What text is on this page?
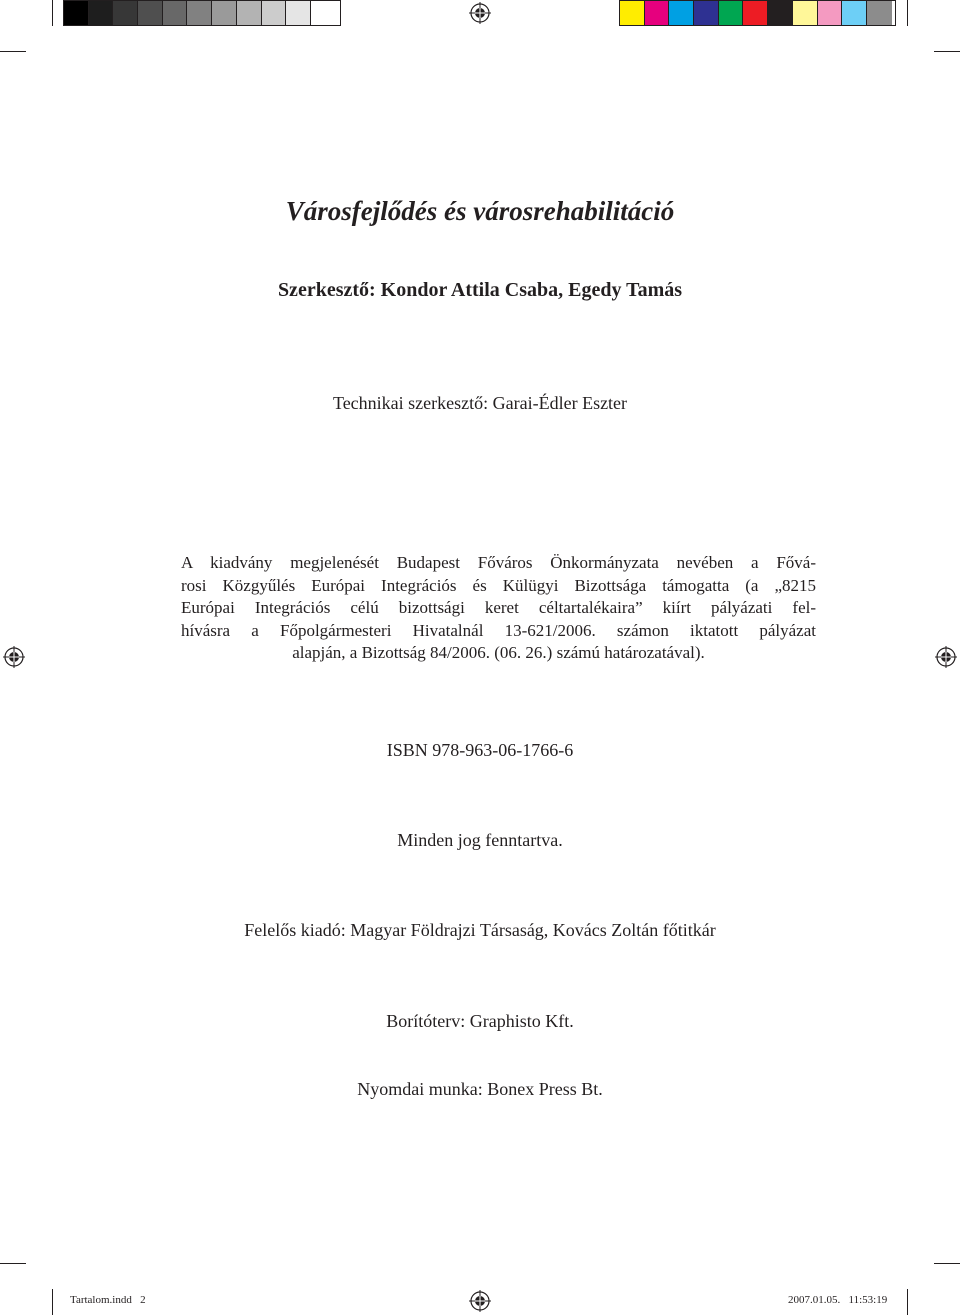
Városfejlődés és városrehabilitáció
Szerkesztő: Kondor Attila Csaba, Egedy Tamás
Technikai szerkesztő: Garai-Édler Eszter
A kiadvány megjelenését Budapest Főváros Önkormányzata nevében a Fővá-
rosi Közgyűlés Európai Integrációs és Külügyi Bizottsága támogatta (a „8215
Európai Integrációs célú bizottsági keret céltartalékaira” kiírt pályázati fel-
hívásra a Főpolgármesteri Hivatalnál 13-621/2006. számon iktatott pályázat
alapján, a Bizottság 84/2006. (06. 26.) számú határozatával).
ISBN 978-963-06-1766-6
Minden jog fenntartva.
Felelős kiadó: Magyar Földrajzi Társaság, Kovács Zoltán főtitkár
Borítóterv: Graphisto Kft.
Nyomdai munka: Bonex Press Bt.
Tartalom.indd   2	2007.01.05.   11:53:19
